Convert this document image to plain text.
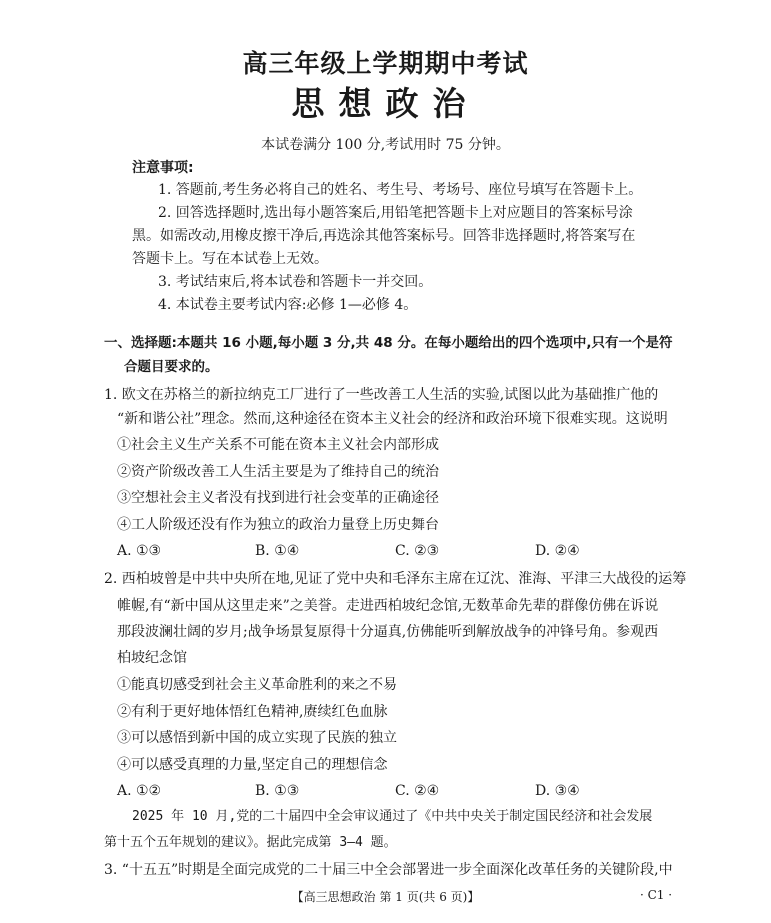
高三年级上学期期中考试
思想政治
本试卷满分 100 分,考试用时 75 分钟。
注意事项:
1. 答题前,考生务必将自己的姓名、考生号、考场号、座位号填写在答题卡上。
2. 回答选择题时,选出每小题答案后,用铅笔把答题卡上对应题目的答案标号涂
黑。如需改动,用橡皮擦干净后,再选涂其他答案标号。回答非选择题时,将答案写在
答题卡上。写在本试卷上无效。
3. 考试结束后,将本试卷和答题卡一并交回。
4. 本试卷主要考试内容:必修 1—必修 4。
一、选择题:本题共 16 小题,每小题 3 分,共 48 分。在每小题给出的四个选项中,只有一个是符
合题目要求的。
1. 欧文在苏格兰的新拉纳克工厂进行了一些改善工人生活的实验,试图以此为基础推广他的
“新和谐公社”理念。然而,这种途径在资本主义社会的经济和政治环境下很难实现。这说明
①社会主义生产关系不可能在资本主义社会内部形成
②资产阶级改善工人生活主要是为了维持自己的统治
③空想社会主义者没有找到进行社会变革的正确途径
④工人阶级还没有作为独立的政治力量登上历史舞台
A. ①③	B. ①④	C. ②③	D. ②④
2. 西柏坡曾是中共中央所在地,见证了党中央和毛泽东主席在辽沈、淮海、平津三大战役的运筹
帷幄,有“新中国从这里走来”之美誉。走进西柏坡纪念馆,无数革命先辈的群像仿佛在诉说
那段波澜壮阔的岁月;战争场景复原得十分逼真,仿佛能听到解放战争的冲锋号角。参观西
柏坡纪念馆
①能真切感受到社会主义革命胜利的来之不易
②有利于更好地体悟红色精神,赓续红色血脉
③可以感悟到新中国的成立实现了民族的独立
④可以感受真理的力量,坚定自己的理想信念
A. ①②	B. ①③	C. ②④	D. ③④
2025 年 10 月,党的二十届四中全会审议通过了《中共中央关于制定国民经济和社会发展
第十五个五年规划的建议》。据此完成第 3—4 题。
3. “十五五”时期是全面完成党的二十届三中全会部署进一步全面深化改革任务的关键阶段,中
【高三思想政治 第 1 页(共 6 页)】	· C1 ·
